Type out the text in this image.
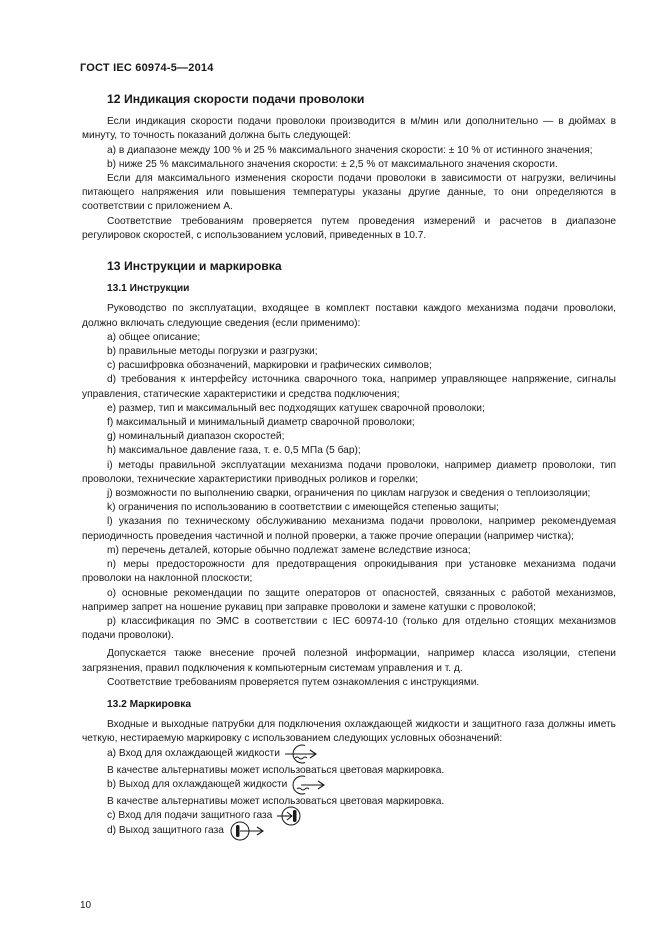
ГОСТ IEC 60974-5—2014
12 Индикация скорости подачи проволоки

Если индикация скорости подачи проволоки производится в м/мин или дополнительно — в дюймах в минуту, то точность показаний должна быть следующей:

a) в диапазоне между 100 % и 25 % максимального значения скорости: ± 10 % от истинного значения;

b) ниже 25 % максимального значения скорости: ± 2,5 % от максимального значения скорости.

Если для максимального изменения скорости подачи проволоки в зависимости от нагрузки, величины питающего напряжения или повышения температуры указаны другие данные, то они определяются в соответствии с приложением А.

Соответствие требованиям проверяется путем проведения измерений и расчетов в диапазоне регулировок скоростей, с использованием условий, приведенных в 10.7.

13 Инструкции и маркировка
13.1 Инструкции

Руководство по эксплуатации, входящее в комплект поставки каждого механизма подачи проволоки, должно включать следующие сведения (если применимо):

a) общее описание;

b) правильные методы погрузки и разгрузки;

c) расшифровка обозначений, маркировки и графических символов;

d) требования к интерфейсу источника сварочного тока, например управляющее напряжение, сигналы управления, статические характеристики и средства подключения;

e) размер, тип и максимальный вес подходящих катушек сварочной проволоки;

f) максимальный и минимальный диаметр сварочной проволоки;

g) номинальный диапазон скоростей;

h) максимальное давление газа, т. е. 0,5 МПа (5 бар);

i) методы правильной эксплуатации механизма подачи проволоки, например диаметр проволоки, тип проволоки, технические характеристики приводных роликов и горелки;

j) возможности по выполнению сварки, ограничения по циклам нагрузок и сведения о теплоизоляции;

k) ограничения по использованию в соответствии с имеющейся степенью защиты;

l) указания по техническому обслуживанию механизма подачи проволоки, например рекомендуемая периодичность проведения частичной и полной проверки, а также прочие операции (например чистка);

m) перечень деталей, которые обычно подлежат замене вследствие износа;

n) меры предосторожности для предотвращения опрокидывания при установке механизма подачи проволоки на наклонной плоскости;

o) основные рекомендации по защите операторов от опасностей, связанных с работой механизмов, например запрет на ношение рукавиц при заправке проволоки и замене катушки с проволокой;

p) классификация по ЭМС в соответствии с IEC 60974-10 (только для отдельно стоящих механизмов подачи проволоки).

Допускается также внесение прочей полезной информации, например класса изоляции, степени загрязнения, правил подключения к компьютерным системам управления и т. д.

Соответствие требованиям проверяется путем ознакомления с инструкциями.

13.2 Маркировка

Входные и выходные патрубки для подключения охлаждающей жидкости и защитного газа должны иметь четкую, нестираемую маркировку с использованием следующих условных обозначений:

a) Вход для охлаждающей жидкости

В качестве альтернативы может использоваться цветовая маркировка.

b) Выход для охлаждающей жидкости

В качестве альтернативы может использоваться цветовая маркировка.

c) Вход для подачи защитного газа
d) Выход защитного газа
10
